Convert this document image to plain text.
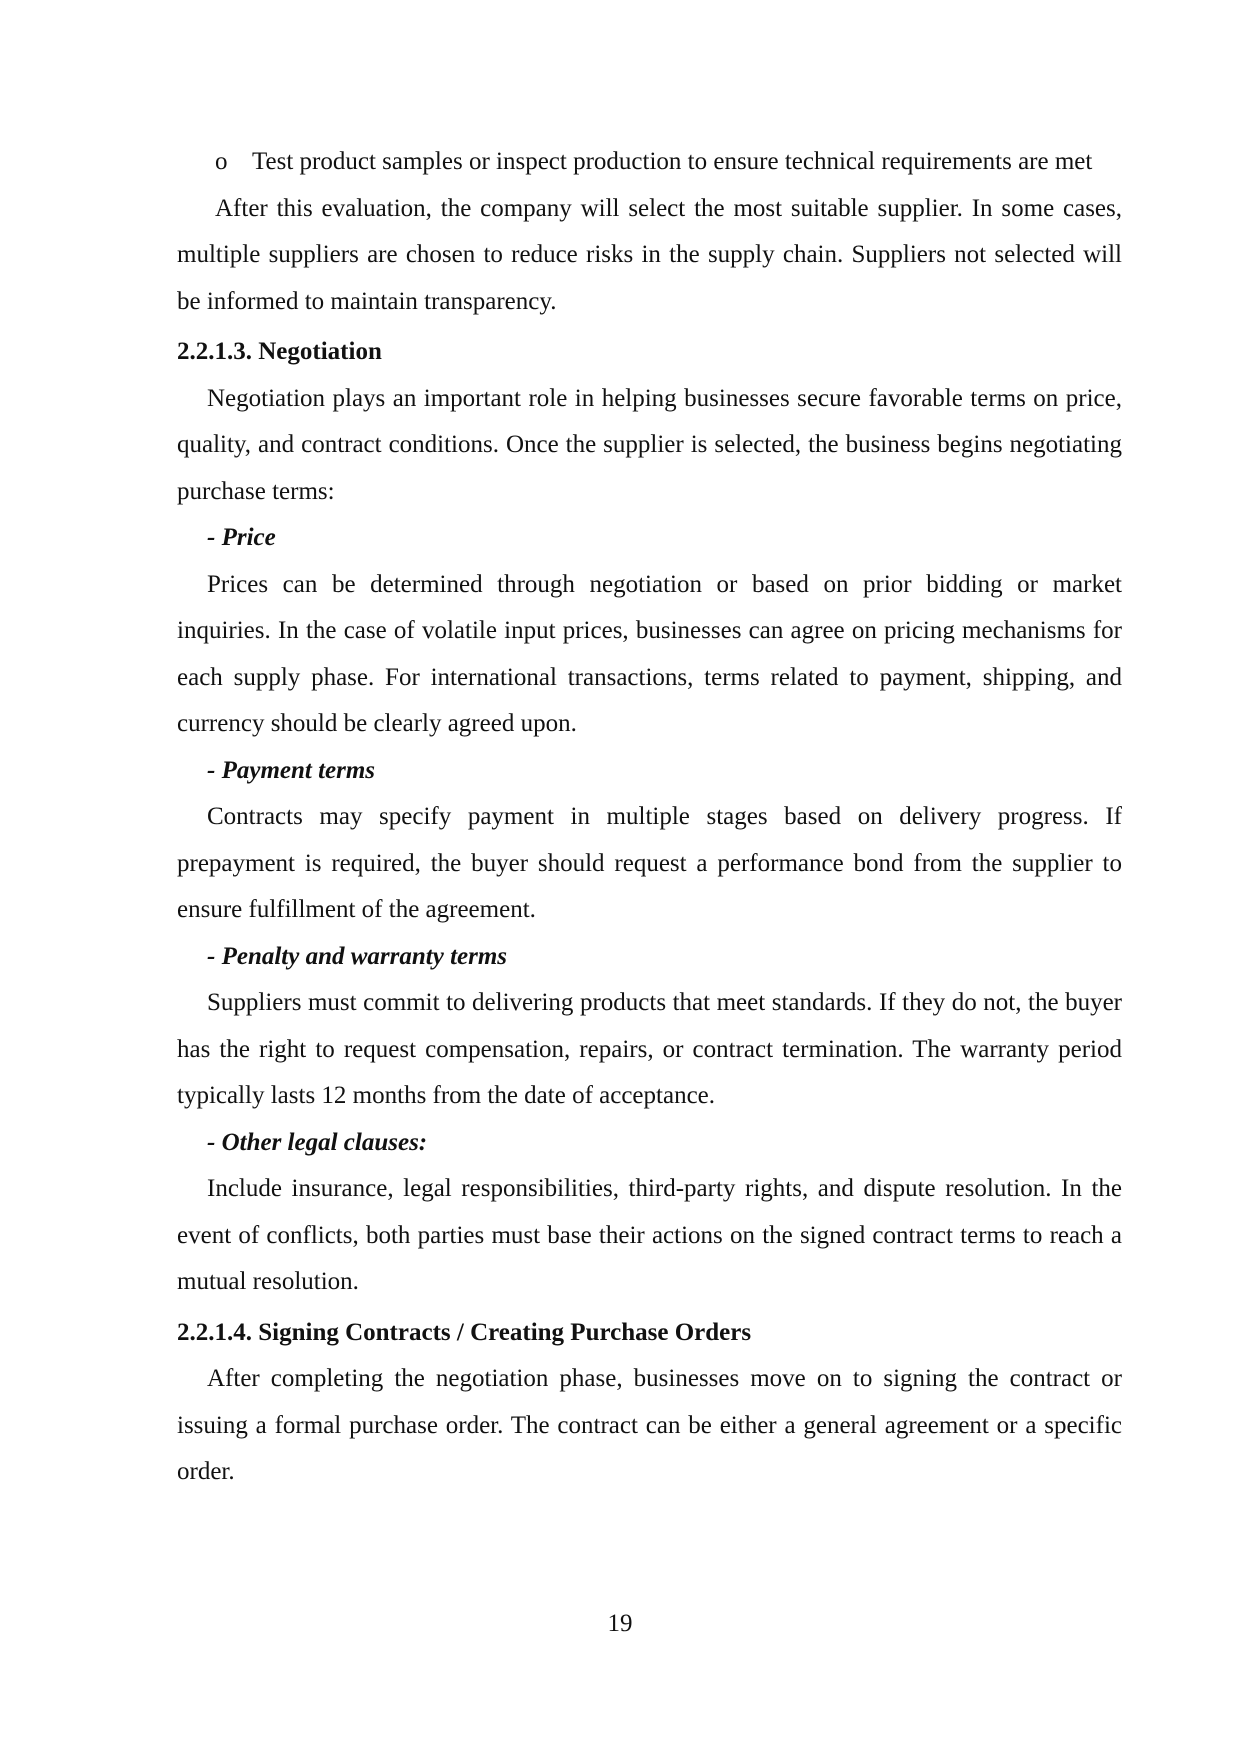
o Test product samples or inspect production to ensure technical requirements are met

After this evaluation, the company will select the most suitable supplier. In some cases, multiple suppliers are chosen to reduce risks in the supply chain. Suppliers not selected will be informed to maintain transparency.

2.2.1.3. Negotiation

Negotiation plays an important role in helping businesses secure favorable terms on price, quality, and contract conditions. Once the supplier is selected, the business begins negotiating purchase terms:

- Price

Prices can be determined through negotiation or based on prior bidding or market inquiries. In the case of volatile input prices, businesses can agree on pricing mechanisms for each supply phase. For international transactions, terms related to payment, shipping, and currency should be clearly agreed upon.

- Payment terms

Contracts may specify payment in multiple stages based on delivery progress. If prepayment is required, the buyer should request a performance bond from the supplier to ensure fulfillment of the agreement.

- Penalty and warranty terms

Suppliers must commit to delivering products that meet standards. If they do not, the buyer has the right to request compensation, repairs, or contract termination. The warranty period typically lasts 12 months from the date of acceptance.

- Other legal clauses:

Include insurance, legal responsibilities, third-party rights, and dispute resolution. In the event of conflicts, both parties must base their actions on the signed contract terms to reach a mutual resolution.

2.2.1.4. Signing Contracts / Creating Purchase Orders

After completing the negotiation phase, businesses move on to signing the contract or issuing a formal purchase order. The contract can be either a general agreement or a specific order.

19
